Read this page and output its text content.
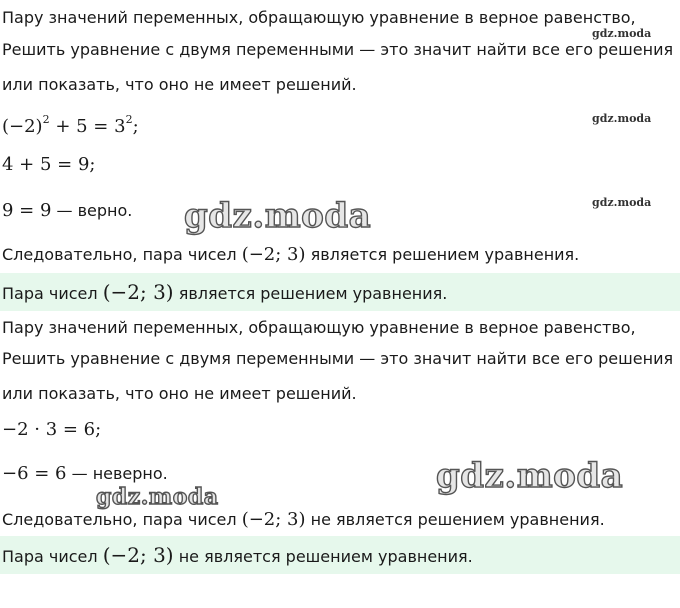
Пару значений переменных, обращающую уравнение в верное равенство,
Решить уравнение с двумя переменными — это значит найти все его решения
или показать, что оно не имеет решений.
$(-2)^2 + 5 = 3^2$;
4 + 5 = 9;
9 = 9 — верно.
Следовательно, пара чисел (−2; 3) является решением уравнения.
Пара чисел (−2; 3) является решением уравнения.
Пару значений переменных, обращающую уравнение в верное равенство,
Решить уравнение с двумя переменными — это значит найти все его решения
или показать, что оно не имеет решений.
−2 · 3 = 6;
−6 = 6 — неверно.
Следовательно, пара чисел (−2; 3) не является решением уравнения.
Пара чисел (−2; 3) не является решением уравнения.
gdz.moda
gdz.moda
gdz.moda
gdz.moda
gdz.moda
gdz.moda
